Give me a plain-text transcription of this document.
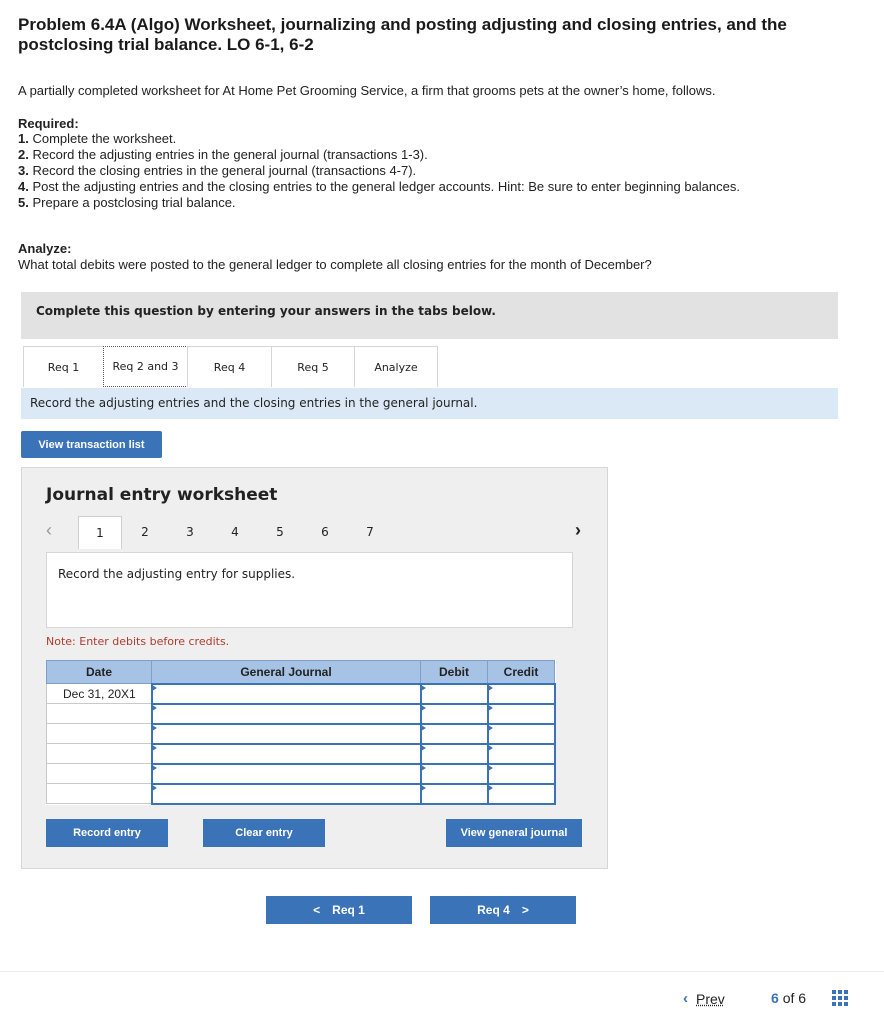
Problem 6.4A (Algo) Worksheet, journalizing and posting adjusting and closing entries, and the postclosing trial balance. LO 6-1, 6-2
A partially completed worksheet for At Home Pet Grooming Service, a firm that grooms pets at the owner’s home, follows.
Required:
1. Complete the worksheet.
2. Record the adjusting entries in the general journal (transactions 1-3).
3. Record the closing entries in the general journal (transactions 4-7).
4. Post the adjusting entries and the closing entries to the general ledger accounts. Hint: Be sure to enter beginning balances.
5. Prepare a postclosing trial balance.
Analyze:
What total debits were posted to the general ledger to complete all closing entries for the month of December?
Complete this question by entering your answers in the tabs below.
Req 1	Req 2 and 3	Req 4	Req 5	Analyze
Record the adjusting entries and the closing entries in the general journal.
View transaction list
Journal entry worksheet
‹	1	2	3	4	5	6	7	›
Record the adjusting entry for supplies.
Note: Enter debits before credits.
Date	General Journal	Debit	Credit
Dec 31, 20X1			

Record entry	Clear entry	View general journal
< Req 1	Req 4 >
‹ Prev	6 of 6
